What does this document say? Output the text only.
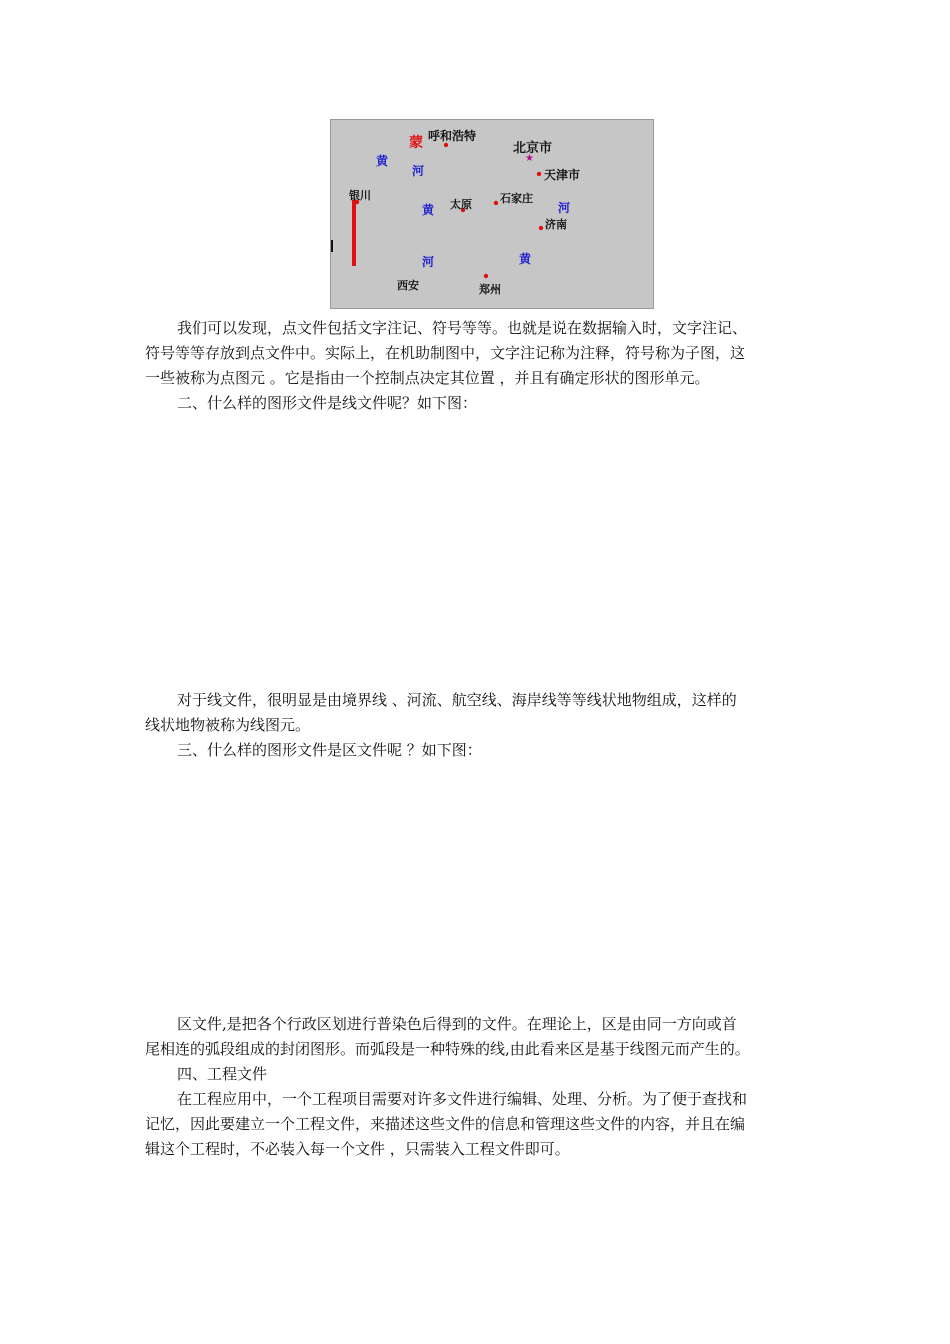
蒙
黄
河
黄	河
河	黄
★
呼和浩特
北京市
天津市
石家庄
太原
济南
银川
西安	郑州
我们可以发现，点文件包括文字注记、符号等等。也就是说在数据输入时，文字注记、
符号等等存放到点文件中。实际上，在机助制图中，文字注记称为注释，符号称为子图，这
一些被称为点图元 。它是指由一个控制点决定其位置 ，并且有确定形状的图形单元。
二、什么样的图形文件是线文件呢？如下图：
对于线文件，很明显是由境界线 、河流、航空线、海岸线等等线状地物组成，这样的
线状地物被称为线图元。
三、什么样的图形文件是区文件呢 ？如下图：
区文件,是把各个行政区划进行普染色后得到的文件。在理论上，区是由同一方向或首
尾相连的弧段组成的封闭图形。而弧段是一种特殊的线,由此看来区是基于线图元而产生的。
四、工程文件
在工程应用中，一个工程项目需要对许多文件进行编辑、处理、分析。为了便于查找和
记忆，因此要建立一个工程文件，来描述这些文件的信息和管理这些文件的内容，并且在编
辑这个工程时，不必装入每一个文件 ，只需装入工程文件即可。
